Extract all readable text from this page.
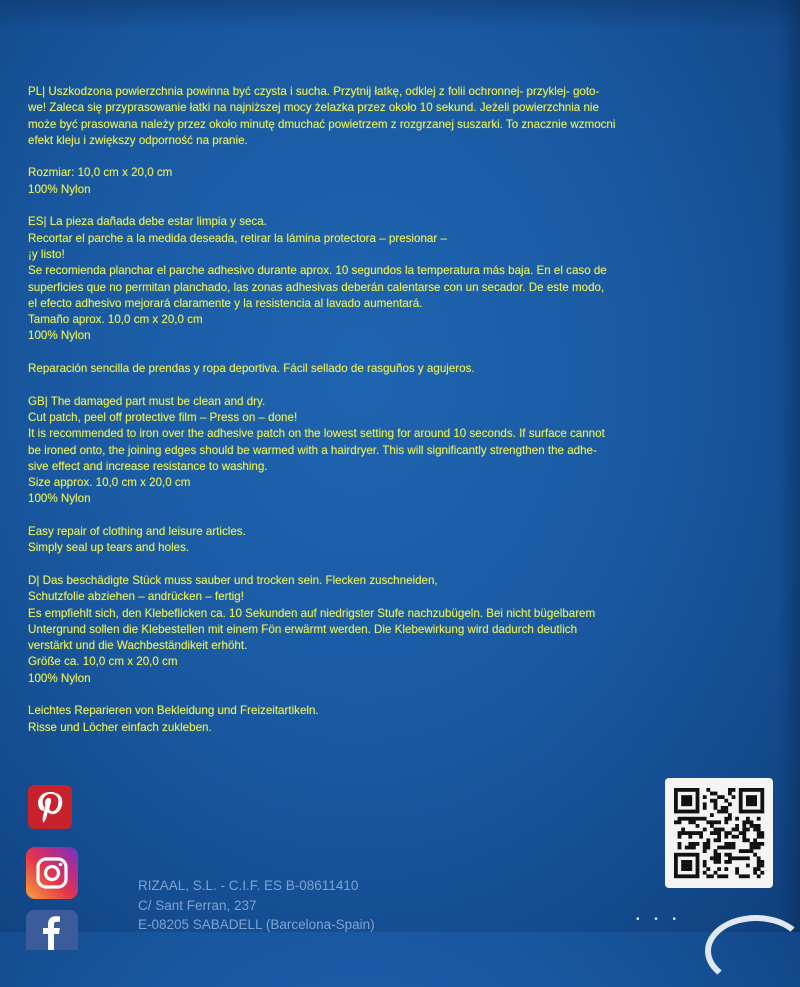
PL| Uszkodzona powierzchnia powinna być czysta i sucha. Przytnij łatkę, odklej z folii ochronnej- przyklej- goto-
we! Zaleca się przyprasowanie łatki na najniższej mocy żelazka przez około 10 sekund. Jeżeli powierzchnia nie
może być prasowana należy przez około minutę dmuchać powietrzem z rozgrzanej suszarki. To znacznie wzmocni
efekt kleju i zwiększy odporność na pranie.
Rozmiar: 10,0 cm x 20,0 cm
100% Nylon
ES| La pieza dañada debe estar limpia y seca.
Recortar el parche a la medida deseada, retirar la lámina protectora – presionar –
¡y listo!
Se recomienda planchar el parche adhesivo durante aprox. 10 segundos la temperatura más baja. En el caso de
superficies que no permitan planchado, las zonas adhesivas deberán calentarse con un secador. De este modo,
el efecto adhesivo mejorará claramente y la resistencia al lavado aumentará.
Tamaño aprox. 10,0 cm x 20,0 cm
100% Nylon
Reparación sencilla de prendas y ropa deportiva. Fácil sellado de rasguños y agujeros.
GB| The damaged part must be clean and dry.
Cut patch, peel off protective film – Press on – done!
It is recommended to iron over the adhesive patch on the lowest setting for around 10 seconds. If surface cannot
be ironed onto, the joining edges should be warmed with a hairdryer. This will significantly strengthen the adhe-
sive effect and increase resistance to washing.
Size approx. 10,0 cm x 20,0 cm
100% Nylon
Easy repair of clothing and leisure articles.
Simply seal up tears and holes.
D| Das beschädigte Stück muss sauber und trocken sein. Flecken zuschneiden,
Schutzfolie abziehen – andrücken – fertig!
Es empfiehlt sich, den Klebeflicken ca. 10 Sekunden auf niedrigster Stufe nachzubügeln. Bei nicht bügelbarem
Untergrund sollen die Klebestellen mit einem Fön erwärmt werden. Die Klebewirkung wird dadurch deutlich
verstärkt und die Wachbeständikeit erhöht.
Größe ca. 10,0 cm x 20,0 cm
100% Nylon
Leichtes Reparieren von Bekleidung und Freizeitartikeln.
Risse und Löcher einfach zukleben.
RIZAAL, S.L. - C.I.F. ES B-08611410
C/ Sant Ferran, 237
E-08205 SABADELL (Barcelona-Spain)	• • •
